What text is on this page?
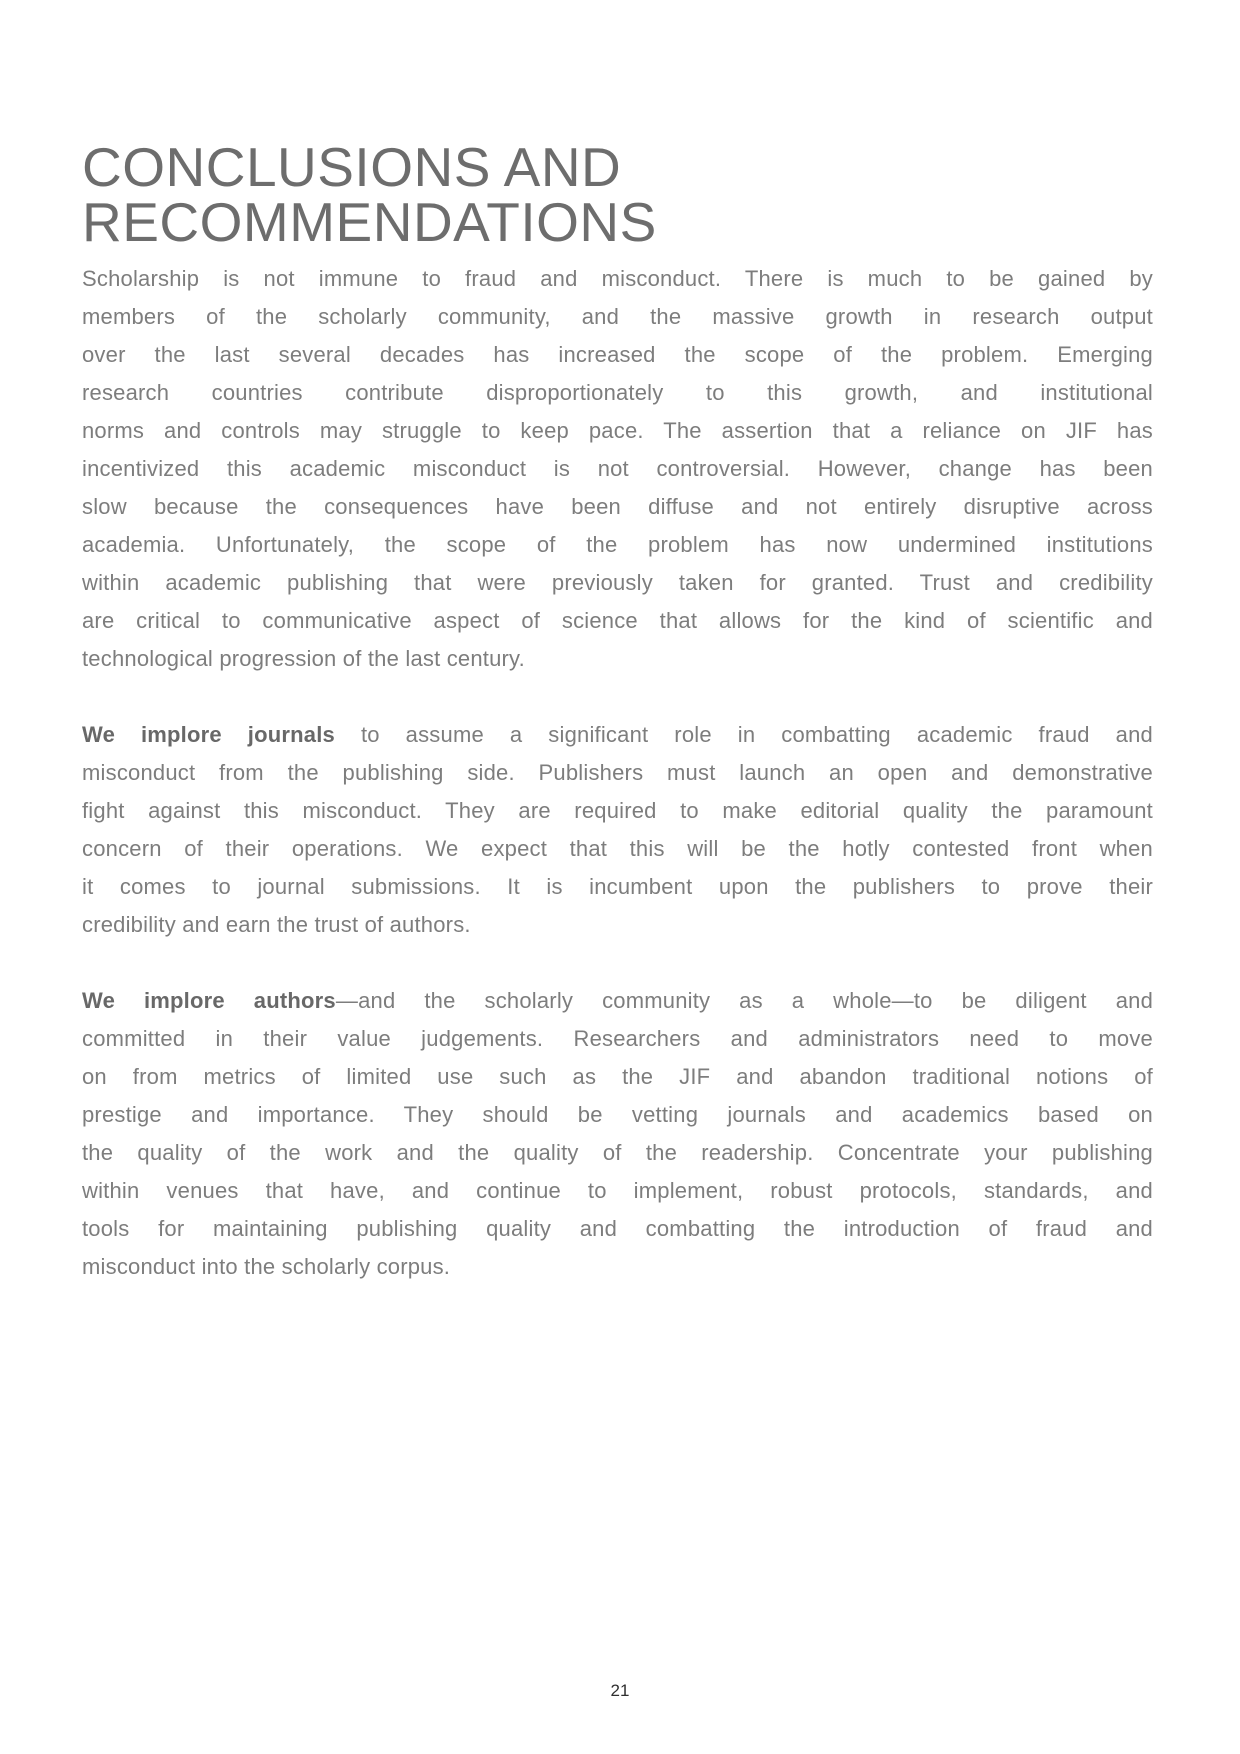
CONCLUSIONS AND
RECOMMENDATIONS

Scholarship is not immune to fraud and misconduct. There is much to be gained by
members of the scholarly community, and the massive growth in research output
over the last several decades has increased the scope of the problem. Emerging
research countries contribute disproportionately to this growth, and institutional
norms and controls may struggle to keep pace. The assertion that a reliance on JIF has
incentivized this academic misconduct is not controversial. However, change has been
slow because the consequences have been diffuse and not entirely disruptive across
academia. Unfortunately, the scope of the problem has now undermined institutions
within academic publishing that were previously taken for granted. Trust and credibility
are critical to communicative aspect of science that allows for the kind of scientific and
technological progression of the last century.

We implore journals to assume a significant role in combatting academic fraud and
misconduct from the publishing side. Publishers must launch an open and demonstrative
fight against this misconduct. They are required to make editorial quality the paramount
concern of their operations. We expect that this will be the hotly contested front when
it comes to journal submissions. It is incumbent upon the publishers to prove their
credibility and earn the trust of authors.

We implore authors—and the scholarly community as a whole—to be diligent and
committed in their value judgements. Researchers and administrators need to move
on from metrics of limited use such as the JIF and abandon traditional notions of
prestige and importance. They should be vetting journals and academics based on
the quality of the work and the quality of the readership. Concentrate your publishing
within venues that have, and continue to implement, robust protocols, standards, and
tools for maintaining publishing quality and combatting the introduction of fraud and
misconduct into the scholarly corpus.

21
